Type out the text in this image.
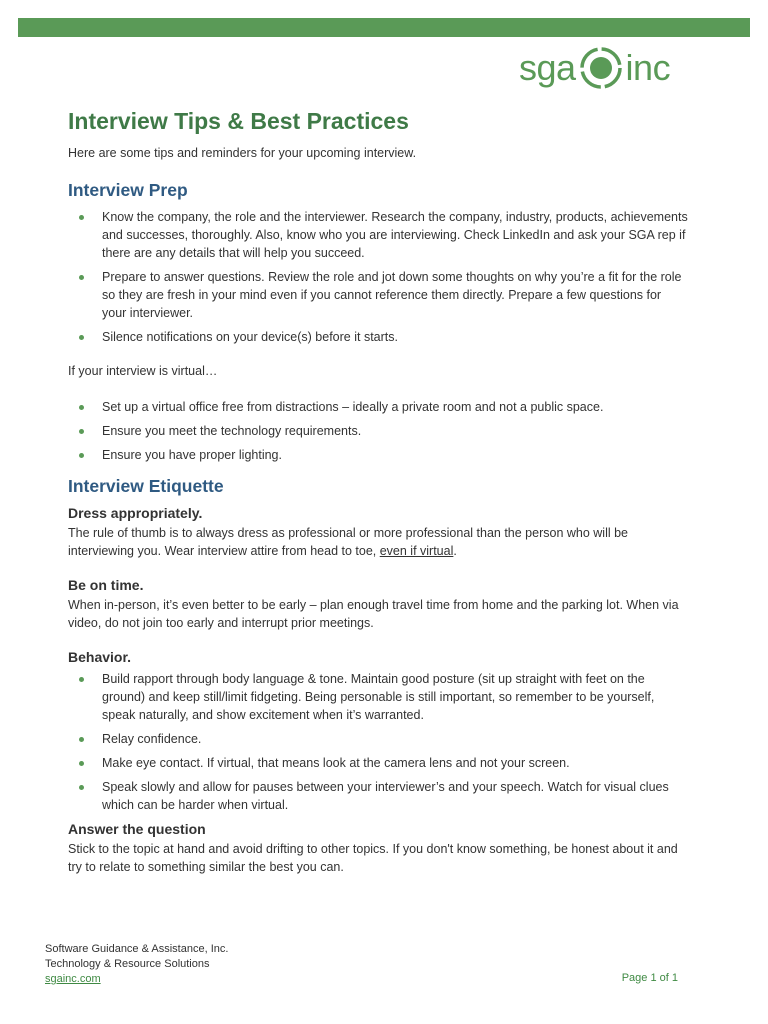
sga inc
Interview Tips & Best Practices

Here are some tips and reminders for your upcoming interview.

Interview Prep
Know the company, the role and the interviewer. Research the company, industry, products, achievements and successes, thoroughly. Also, know who you are interviewing. Check LinkedIn and ask your SGA rep if there are any details that will help you succeed.
Prepare to answer questions. Review the role and jot down some thoughts on why you’re a fit for the role so they are fresh in your mind even if you cannot reference them directly. Prepare a few questions for your interviewer.
Silence notifications on your device(s) before it starts.

If your interview is virtual…

Set up a virtual office free from distractions – ideally a private room and not a public space.
Ensure you meet the technology requirements.
Ensure you have proper lighting.
Interview Etiquette
Dress appropriately.

The rule of thumb is to always dress as professional or more professional than the person who will be interviewing you. Wear interview attire from head to toe, even if virtual.

Be on time.

When in-person, it’s even better to be early – plan enough travel time from home and the parking lot. When via video, do not join too early and interrupt prior meetings.

Behavior.
Build rapport through body language & tone. Maintain good posture (sit up straight with feet on the ground) and keep still/limit fidgeting. Being personable is still important, so remember to be yourself, speak naturally, and show excitement when it’s warranted.
Relay confidence.
Make eye contact. If virtual, that means look at the camera lens and not your screen.
Speak slowly and allow for pauses between your interviewer’s and your speech. Watch for visual clues which can be harder when virtual.
Answer the question

Stick to the topic at hand and avoid drifting to other topics. If you don't know something, be honest about it and try to relate to something similar the best you can.

Software Guidance & Assistance, Inc.
Technology & Resource Solutions
sgainc.com	Page 1 of 1
